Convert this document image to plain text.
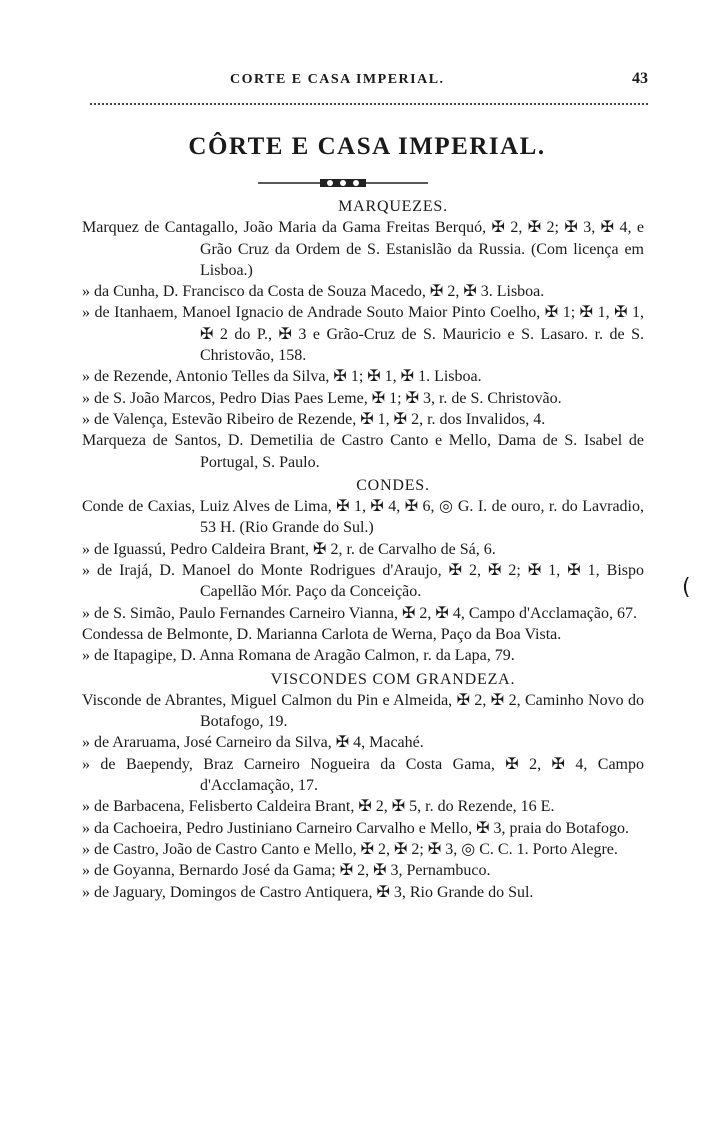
CORTE E CASA IMPERIAL.	43
CÔRTE E CASA IMPERIAL.
MARQUEZES.
Marquez de Cantagallo, João Maria da Gama Freitas Berquó, ✠ 2, ✠ 2; ✠ 3, ✠ 4, e Grão Cruz da Ordem de S. Estanislão da Russia. (Com licença em Lisboa.)
» da Cunha, D. Francisco da Costa de Souza Macedo, ✠ 2, ✠ 3. Lisboa.
» de Itanhaem, Manoel Ignacio de Andrade Souto Maior Pinto Coelho, ✠ 1; ✠ 1, ✠ 1, ✠ 2 do P., ✠ 3 e Grão-Cruz de S. Mauricio e S. Lasaro. r. de S. Christovão, 158.
» de Rezende, Antonio Telles da Silva, ✠ 1; ✠ 1, ✠ 1. Lisboa.
» de S. João Marcos, Pedro Dias Paes Leme, ✠ 1; ✠ 3, r. de S. Christovão.
» de Valença, Estevão Ribeiro de Rezende, ✠ 1, ✠ 2, r. dos Invalidos, 4.
Marqueza de Santos, D. Demetilia de Castro Canto e Mello, Dama de S. Isabel de Portugal, S. Paulo.
CONDES.
Conde de Caxias, Luiz Alves de Lima, ✠ 1, ✠ 4, ✠ 6, ◎ G. I. de ouro, r. do Lavradio, 53 H. (Rio Grande do Sul.)
» de Iguassú, Pedro Caldeira Brant, ✠ 2, r. de Carvalho de Sá, 6.
» de Irajá, D. Manoel do Monte Rodrigues d'Araujo, ✠ 2, ✠ 2; ✠ 1, ✠ 1, Bispo Capellão Mór. Paço da Conceição.
» de S. Simão, Paulo Fernandes Carneiro Vianna, ✠ 2, ✠ 4, Campo d'Acclamação, 67.
Condessa de Belmonte, D. Marianna Carlota de Werna, Paço da Boa Vista.
» de Itapagipe, D. Anna Romana de Aragão Calmon, r. da Lapa, 79.
VISCONDES COM GRANDEZA.
Visconde de Abrantes, Miguel Calmon du Pin e Almeida, ✠ 2, ✠ 2, Caminho Novo do Botafogo, 19.
» de Araruama, José Carneiro da Silva, ✠ 4, Macahé.
» de Baependy, Braz Carneiro Nogueira da Costa Gama, ✠ 2, ✠ 4, Campo d'Acclamação, 17.
» de Barbacena, Felisberto Caldeira Brant, ✠ 2, ✠ 5, r. do Rezende, 16 E.
» da Cachoeira, Pedro Justiniano Carneiro Carvalho e Mello, ✠ 3, praia do Botafogo.
» de Castro, João de Castro Canto e Mello, ✠ 2, ✠ 2; ✠ 3, ◎ C. C. 1. Porto Alegre.
» de Goyanna, Bernardo José da Gama; ✠ 2, ✠ 3, Pernambuco.
» de Jaguary, Domingos de Castro Antiquera, ✠ 3, Rio Grande do Sul.
(
